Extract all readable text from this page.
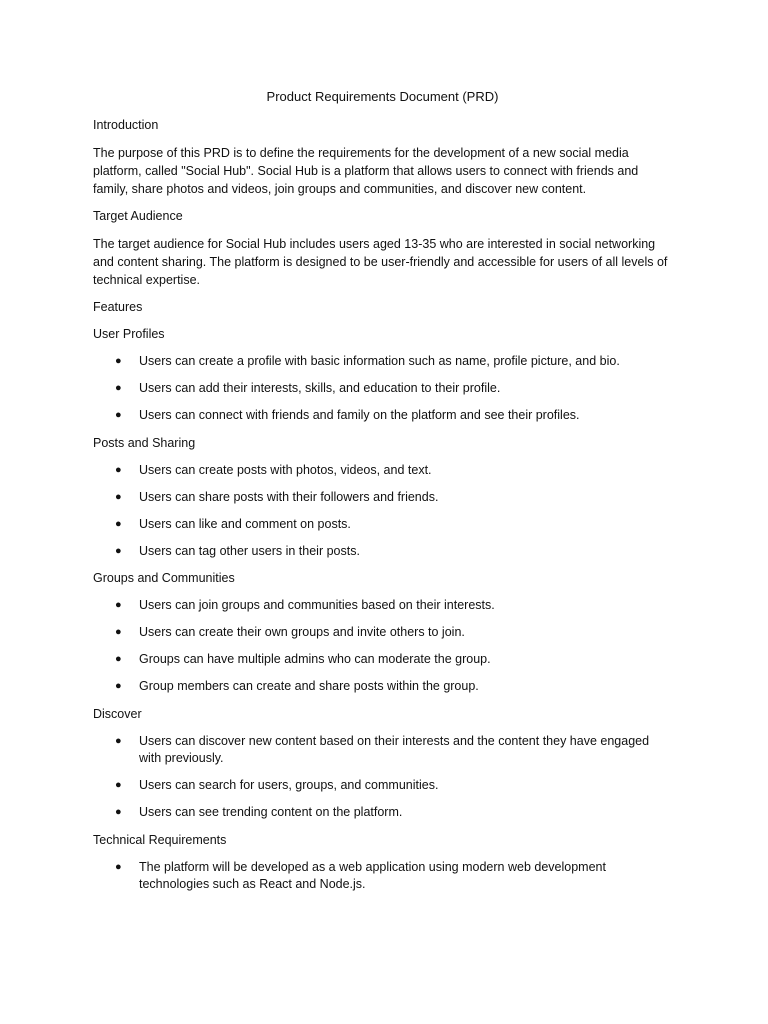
Product Requirements Document (PRD)
Introduction
The purpose of this PRD is to define the requirements for the development of a new social media platform, called "Social Hub". Social Hub is a platform that allows users to connect with friends and family, share photos and videos, join groups and communities, and discover new content.
Target Audience
The target audience for Social Hub includes users aged 13-35 who are interested in social networking and content sharing. The platform is designed to be user-friendly and accessible for users of all levels of technical expertise.
Features
User Profiles
● Users can create a profile with basic information such as name, profile picture, and bio.
● Users can add their interests, skills, and education to their profile.
● Users can connect with friends and family on the platform and see their profiles.
Posts and Sharing
● Users can create posts with photos, videos, and text.
● Users can share posts with their followers and friends.
● Users can like and comment on posts.
● Users can tag other users in their posts.
Groups and Communities
● Users can join groups and communities based on their interests.
● Users can create their own groups and invite others to join.
● Groups can have multiple admins who can moderate the group.
● Group members can create and share posts within the group.
Discover
● Users can discover new content based on their interests and the content they have engaged with previously.
● Users can search for users, groups, and communities.
● Users can see trending content on the platform.
Technical Requirements
● The platform will be developed as a web application using modern web development technologies such as React and Node.js.
